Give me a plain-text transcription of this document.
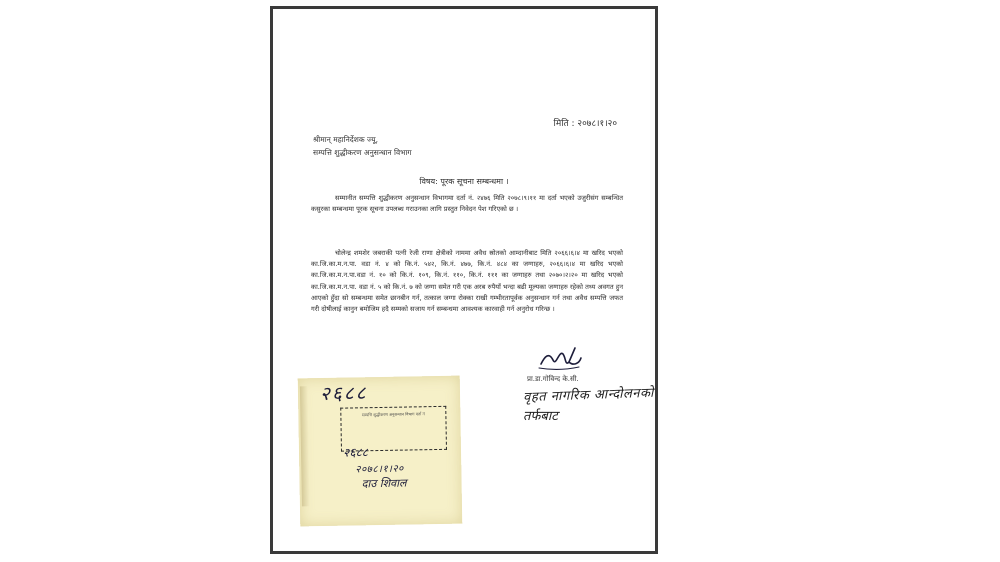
मिति : २०७८।१।२०
श्रीमान् महानिर्देशक ज्यू,
सम्पत्ति शुद्धीकरण अनुसन्धान विभाग
विषय: पूरक सूचना सम्बन्धमा ।

सम्मानीत सम्पत्ति शुद्धीकरण अनुसन्धान विभागमा दर्ता नं. २४७६ मिति २०७८।९।११ मा दर्ता भएको उजुरीसंग सम्बन्धित कसुरका सम्बन्धमा पूरक सूचना उपलब्ध गराउनका लागि प्रस्तुत निवेदन पेश गरिएको छ ।

चोलेन्द्र शमशेर जबराकी पत्नी रेजी राणा क्षेत्रीको नाममा अवैध स्रोतको आम्दानीबाट मिति २०६६।६।४ मा खरिद भएको का.जि.का.म.न.पा. वडा नं. ४ को कि.नं. ५४२, कि.नं. ४७७, कि.नं. ४८४ का जग्गाहरु, २०६६।६।४ मा खरिद भएको का.जि.का.म.न.पा.वडा नं. १० को कि.नं. १०९, कि.नं. ११०, कि.नं. १११ का जग्गाहरु तथा २०७०।२।२० मा खरिद भएको का.जि.का.म.न.पा. वडा नं. ५ को कि.नं. ७ को जग्गा समेत गरी एक अरब रुपैयाँ भन्दा बढी मूल्यका जग्गाहरु रहेको तथ्य अवगत हुन आएको हुँदा सो सम्बन्धमा समेत छानबीन गर्न, तत्काल जग्गा रोक्का राखी गम्भीरतापूर्वक अनुसन्धान गर्न तथा अवैध सम्पत्ति जफत गरी दोषीलाई कानुन बमोजिम हदै सम्मको सजाय गर्न सम्बन्धमा आवश्यक कारवाही गर्न अनुरोध गरिन्छ ।

प्रा.डा.गोविन्द के.सी.
वृहत नागरिक आन्दोलनको
तर्फबाट
२६८८
सम्पत्ति शुद्धीकरण अनुसन्धान विभाग दर्ता नं
२६८८
२०७८।१।२०
दाउ शिवाल
